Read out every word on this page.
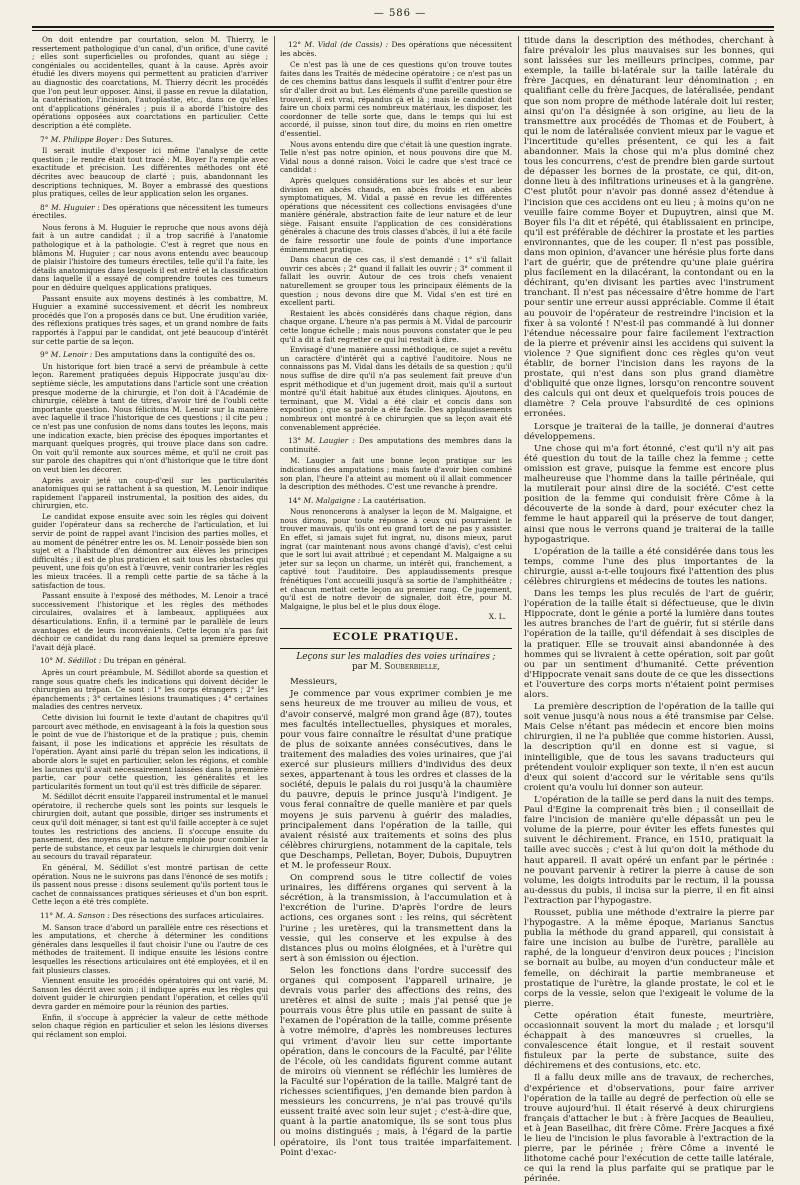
— 586 —

On doit entendre par courtation, selon M. Thierry, le ressertement pathologique d'un canal, d'un orifice, d'une cavité ; elles sont superficielles ou profondes, quant au siège ; congéniales ou accidentelles, quant à la cause. Après avoir étudié les divers moyens qui permettent au praticien d'arriver au diagnostic des coarctations, M. Thierry décrit les procédés que l'on peut leur opposer. Ainsi, il passe en revue la dilatation, la cautérisation, l'incision, l'autoplastie, etc., dans ce qu'elles ont d'applications générales ; puis il a abordé l'histoire des opérations opposées aux coarctations en particulier. Cette description a été complète.

7° M. Philippe Boyer : Des Sutures.

Il serait inutile d'exposer ici même l'analyse de cette question ; le rendre était tout tracé : M. Boyer l'a remplie avec exactitude et précision. Les différentes méthodes ont été décrites avec beaucoup de clarté ; puis, abandonnant les descriptions techniques, M. Boyer a embrassé des questions plus pratiques, celles de leur application selon les organes.

8° M. Huguier : Des opérations que nécessitent les tumeurs érectiles.

Nous ferons à M. Huguier le reproche que nous avons déjà fait à un autre candidat ; il a trop sacrifié à l'anatomie pathologique et à la pathologie. C'est à regret que nous en blâmons M. Huguier ; car nous avons entendu avec beaucoup de plaisir l'histoire des tumeurs érectiles, telle qu'il l'a faite, les détails anatomiques dans lesquels il est entré et la classification dans laquelle il a essayé de comprendre toutes ces tumeurs pour en déduire quelques applications pratiques.

Passant ensuite aux moyens destinés à les combattre, M. Huguier a examiné successivement et décrit les nombreux procédés que l'on a proposés dans ce but. Une érudition variée, des réflexions pratiques très sages, et un grand nombre de faits rapportés à l'appui par le candidat, ont jeté beaucoup d'intérêt sur cette partie de sa leçon.

9° M. Lenoir : Des amputations dans la contiguïté des os.

Un historique fort bien tracé a servi de préambule à cette leçon. Rarement pratiquées depuis Hippocrate jusqu'au dix-septième siècle, les amputations dans l'article sont une création presque moderne de la chirurgie, et l'on doit à l'Académie de chirurgie, célèbre à tant de titres, d'avoir tiré de l'oubli cette importante question. Nous félicitons M. Lenoir sur la manière avec laquelle il trace l'historique de ces questions ; il cite peu ; ce n'est pas une confusion de noms dans toutes les leçons, mais une indication exacte, bien précise des époques importantes et marquant quelques progrès, qui trouve place dans son cadre. On voit qu'il remonte aux sources même, et qu'il ne croit pas sur parole des chapitres qui n'ont d'historique que le titre dont on veut bien les décorer.

Après avoir jeté un coup-d'œil sur les particularités anatomiques qui se rattachent à sa question, M. Lenoir indique rapidement l'appareil instrumental, la position des aides, du chirurgien, etc.

Le candidat expose ensuite avec soin les règles qui doivent guider l'opérateur dans sa recherche de l'articulation, et lui servir de point de rappel avant l'incision des parties molles, et au moment de pénétrer entre les os. M. Lenoir possède bien son sujet et a l'habitude d'en démontrer aux élèves les principes difficultés ; il est de plus praticien et sait tous les obstacles qui peuvent, une fois qu'on est à l'œuvre, venir contrarier les règles les mieux tracées. Il a rempli cette partie de sa tâche à la satisfaction de tous.

Passant ensuite à l'exposé des méthodes, M. Lenoir a tracé successivement l'historique et les règles des méthodes circulaires, ovalaires et à lambeaux, appliquées aux désarticulations. Enfin, il a terminé par le parallèle de leurs avantages et de leurs inconvénients. Cette leçon n'a pas fait déchoir ce candidat du rang dans lequel sa première épreuve l'avait déjà placé.

10° M. Sédillot : Du trépan en général.

Après un court préambule, M. Sédillot aborde sa question et range sous quatre chefs les indications qui doivent décider le chirurgien au trépan. Ce sont : 1° les corps étrangers ; 2° les épanchements ; 3° certaines lésions traumatiques ; 4° certaines maladies des centres nerveux.

Cette division lui fournit le texte d'autant de chapitres qu'il parcourt avec méthode, en envisageant à la fois la question sous le point de vue de l'historique et de la pratique ; puis, chemin faisant, il pose les indications et apprécie les résultats de l'opération. Ayant ainsi parlé du trépan selon les indications, il aborde alors le sujet en particulier, selon les régions, et comble les lacunes qu'il avait nécessairement laissées dans la première partie, car pour cette question, les généralités et les particularités forment un tout qu'il est très difficile de séparer.

M. Sédillot décrit ensuite l'appareil instrumental et le manuel opératoire, il recherche quels sont les points sur lesquels le chirurgien doit, autant que possible, diriger ses instruments et ceux qu'il doit ménager, si tant est qu'il faille accepter à ce sujet toutes les restrictions des anciens. Il s'occupe ensuite du pansement, des moyens que la nature emploie pour combler la perte de substance, et ceux par lesquels le chirurgien doit venir au secours du travail réparateur.

En général, M. Sédillot s'est montré partisan de cette opération. Nous ne le suivrons pas dans l'énoncé de ses motifs ; ils passent nous presse : disons seulement qu'ils portent tous le cachet de connaissances pratiques sérieuses et d'un bon esprit. Cette leçon a été très complète.

11° M. A. Sanson : Des résections des surfaces articulaires.

M. Sanson trace d'abord un parallèle entre ces résections et les amputations, et cherche à déterminer les conditions générales dans lesquelles il faut choisir l'une ou l'autre de ces méthodes de traitement. Il indique ensuite les lésions contre lesquelles les résections articulaires ont été employées, et il en fait plusieurs classes.

Viennent ensuite les procédés opératoires qui ont varié, M. Sanson les décrit avec soin ; il indique après eux les règles qui doivent guider le chirurgien pendant l'opération, et celles qu'il devra garder en mémoire pour la réunion des parties.

Enfin, il s'occupe à apprécier la valeur de cette méthode selon chaque région en particulier et selon les lésions diverses qui réclament son emploi.

12° M. Vidal (de Cassis) : Des opérations que nécessitent les abcès.

Ce n'est pas là une de ces questions qu'on trouve toutes faites dans les Traités de médecine opératoire ; ce n'est pas un de ces chemins battus dans lesquels il suffit d'entrer pour être sûr d'aller droit au but. Les éléments d'une pareille question se trouvent, il est vrai, répandus çà et là ; mais le candidat doit faire un choix parmi ces nombreux matériaux, les disposer, les coordonner de telle sorte que, dans le temps qui lui est accordé, il puisse, sinon tout dire, du moins en rien omettre d'essentiel.

Nous avons entendu dire que c'était là une question ingrate. Telle n'est pas notre opinion, et nous pouvons dire que M. Vidal nous a donné raison. Voici le cadre que s'est tracé ce candidat :

Après quelques considérations sur les abcès et sur leur division en abcès chauds, en abcès froids et en abcès symptomatiques, M. Vidal a passé en revue les différentes opérations que nécessitent ces collections envisagées d'une manière générale, abstraction faite de leur nature et de leur siège. Faisant ensuite l'application de ces considérations générales à chacune des trois classes d'abcès, il lui a été facile de faire ressortir une foule de points d'une importance éminemment pratique.

Dans chacun de ces cas, il s'est demandé : 1° s'il fallait ouvrir ces abcès ; 2° quand il fallait les ouvrir ; 3° comment il fallait les ouvrir. Autour de ces trois chefs venaient naturellement se grouper tous les principaux éléments de la question ; nous devons dire que M. Vidal s'en est tiré en excellent parti.

Restaient les abcès considérés dans chaque région, dans chaque organe. L'heure n'a pas permis à M. Vidal de parcourir cette longue échelle ; mais nous pouvons constater que le peu qu'il a dit a fait regretter ce qui lui restait à dire.

Envisagé d'une manière aussi méthodique, ce sujet a revêtu un caractère d'intérêt qui a captivé l'auditoire. Nous ne connaissons pas M. Vidal dans les détails de sa question ; qu'il nous suffise de dire qu'il n'a pas seulement fait preuve d'un esprit méthodique et d'un jugement droit, mais qu'il a surtout montré qu'il était habitué aux études cliniques. Ajoutons, en terminant, que M. Vidal a été clair et concis dans son exposition ; que sa parole a été facile. Des applaudissements nombreux ont montré à ce chirurgien que sa leçon avait été convenablement appréciée.

13° M. Laugier : Des amputations des membres dans la continuité.

M. Laugier a fait une bonne leçon pratique sur les indications des amputations ; mais faute d'avoir bien combiné son plan, l'heure l'a atteint au moment où il allait commencer la description des méthodes. C'est une revanche à prendre.

14° M. Malgaigne : La cautérisation.

Nous renoncerons à analyser la leçon de M. Malgaigne, et nous dirons, pour toute réponse à ceux qui pourraient le trouver mauvais, qu'ils ont eu grand tort de ne pas y assister. En effet, si jamais sujet fut ingrat, nu, disons mieux, parut ingrat (car maintenant nous avons changé d'avis), c'est celui que le sort lui avait attribué ; et cependant M. Malgaigne a su jeter sur sa leçon un charme, un intérêt qui, franchement, a captivé tout l'auditoire. Des applaudissements presque frénétiques l'ont accueilli jusqu'à sa sortie de l'amphithéâtre ; et chacun mettait cette leçon au premier rang. Ce jugement, qu'il est de notre devoir de signaler, doit être, pour M. Malgaigne, le plus bel et le plus doux éloge.

X. L.
ECOLE PRATIQUE.
Leçons sur les maladies des voies urinaires ;
par M. Souberbielle,
Messieurs,

Je commence par vous exprimer combien je me sens heureux de me trouver au milieu de vous, et d'avoir conservé, malgré mon grand âge (87), toutes mes facultés intellectuelles, physiques et morales, pour vous faire connaître le résultat d'une pratique de plus de soixante années consécutives, dans le traitement des maladies des voies urinaires, que j'ai exercé sur plusieurs milliers d'individus des deux sexes, appartenant à tous les ordres et classes de la société, depuis le palais du roi jusqu'à la chaumière du pauvre, depuis le prince jusqu'à l'indigent. Je vous ferai connaître de quelle manière et par quels moyens je suis parvenu à guérir des maladies, principalement dans l'opération de la taille, qui avaient résisté aux traitements et soins des plus célèbres chirurgiens, notamment de la capitale, tels que Deschamps, Pelletan, Boyer, Dubois, Dupuytren et M. le professeur Roux.

On comprend sous le titre collectif de voies urinaires, les différens organes qui servent à la sécrétion, à la transmission, à l'accumulation et à l'excrétion de l'urine. D'après l'ordre de leurs actions, ces organes sont : les reins, qui sécrètent l'urine ; les uretères, qui la transmettent dans la vessie, qui les conserve et les expulse à des distances plus ou moins éloignées, et à l'urètre qui sert à son émission ou éjection.

Selon les fonctions dans l'ordre successif des organes qui composent l'appareil urinaire, je devrais vous parler des affections des reins, des uretères et ainsi de suite ; mais j'ai pensé que je pourrais vous être plus utile en passant de suite à l'examen de l'opération de la taille, comme présente à votre mémoire, d'après les nombreuses lectures qui vriment d'avoir lieu sur cette importante opération, dans le concours de la Faculté, par l'élite de l'école, où les candidats figurent comme autant de miroirs où viennent se réfléchir les lumières de la Faculté sur l'opération de la taille. Malgré tant de richesses scientifiques, j'en demande bien pardon à messieurs les concurrens, je n'ai pas trouvé qu'ils eussent traité avec soin leur sujet ; c'est-à-dire que, quant à la partie anatomique, ils se sont tous plus ou moins distingués ; mais, à l'égard de la partie opératoire, ils l'ont tous traitée imparfaitement. Point d'exac-

titude dans la description des méthodes, cherchant à faire prévaloir les plus mauvaises sur les bonnes, qui sont laissées sur les meilleurs principes, comme, par exemple, la taille bi-latérale sur la taille latérale du frère Jacques, en dénaturant leur dénomination ; en qualifiant celle du frère Jacques, de latéralisée, pendant que son nom propre de méthode latérale doit lui rester, ainsi qu'on l'a désignée à son origine, au lieu de la transmettre aux procédés de Thomas et de Foubert, à qui le nom de latéralisée convient mieux par le vague et l'incertitude qu'elles présentent, ce qui les a fait abandonner. Mais la chose qui m'a plus dominé chez tous les concurrens, c'est de prendre bien garde surtout de dépasser les bornes de la prostate, ce qui, dit-on, donne lieu à des infiltrations urineuses et à la gangrène. C'est plutôt pour n'avoir pas donné assez d'étendue à l'incision que ces accidens ont eu lieu ; à moins qu'on ne veuille faire comme Boyer et Dupuytren, ainsi que M. Boyer fils l'a dit et répété, qui établissaient en principe, qu'il est préférable de déchirer la prostate et les parties environnantes, que de les couper. Il n'est pas possible, dans mon opinion, d'avancer une hérésie plus forte dans l'art de guérir, que de prétendre qu'une plaie guérira plus facilement en la dilacérant, la contondant ou en la déchirant, qu'en divisant les parties avec l'instrument tranchant. Il n'est pas nécessaire d'être homme de l'art pour sentir une erreur aussi appréciable. Comme il était au pouvoir de l'opérateur de restreindre l'incision et la fixer à sa volonté ! N'est-il pas commandé à lui donner l'étendue nécessaire pour faire facilement l'extraction de la pierre et prévenir ainsi les accidens qui suivent la violence ? Que signifient donc ces règles qu'on veut établir, de borner l'incision dans les rayons de la prostate, qui n'est dans son plus grand diamètre d'obliquité que onze lignes, lorsqu'on rencontre souvent des calculs qui ont deux et quelquefois trois pouces de diamètre ? Cela prouve l'absurdité de ces opinions erronées.

Lorsque je traiterai de la taille, je donnerai d'autres développemens.

Une chose qui m'a fort étonné, c'est qu'il n'y ait pas été question du tout de la taille chez la femme ; cette omission est grave, puisque la femme est encore plus malheureuse que l'homme dans la taille périnéale, qui la mutilerait pour ainsi dire de la société. C'est cette position de la femme qui conduisit frère Côme à la découverte de la sonde à dard, pour exécuter chez la femme le haut appareil qui la préserve de tout danger, ainsi que nous le verrons quand je traiterai de la taille hypogastrique.

L'opération de la taille a été considérée dans tous les temps, comme l'une des plus importantes de la chirurgie, aussi a-t-elle toujours fixé l'attention des plus célèbres chirurgiens et médecins de toutes les nations.

Dans les temps les plus reculés de l'art de guérir, l'opération de la taille était si défectueuse, que le divin Hippocrate, dont le génie a porté la lumière dans toutes les autres branches de l'art de guérir, fut si stérile dans l'opération de la taille, qu'il défendait à ses disciples de la pratiquer. Elle se trouvait ainsi abandonnée à des hommes qui se livraient à cette opération, soit par goût ou par un sentiment d'humanité. Cette prévention d'Hippocrate venait sans doute de ce que les dissections et l'ouverture des corps morts n'étaient point permises alors.

La première description de l'opération de la taille qui soit venue jusqu'à nous nous a été transmise par Celse. Mais Celse n'étant pas médecin et encore bien moins chirurgien, il ne l'a publiée que comme historien. Aussi, la description qu'il en donne est si vague, si inintelligible, que de tous les savans traducteurs qui prétendent vouloir expliquer son texte, il n'en est aucun d'eux qui soient d'accord sur le véritable sens qu'ils croient qu'a voulu lui donner son auteur.

L'opération de la taille se perd dans la nuit des temps. Paul d'Egine la comprenait très bien ; il conseillait de faire l'incision de manière qu'elle dépassât un peu le volume de la pierre, pour éviter les effets funestes qui suivent le déchirement. France, en 1510, pratiquait la taille avec succès ; c'est à lui qu'on doit la méthode du haut appareil. Il avait opéré un enfant par le périnée : ne pouvant parvenir à retirer la pierre à cause de son volume, les doigts introduits par le rectum, il la poussa au-dessus du pubis, il incisa sur la pierre, il en fit ainsi l'extraction par l'hypogastre.

Rousset, publia une méthode d'extraire la pierre par l'hypogastre. A la même époque, Marianus Sanctus publia la méthode du grand appareil, qui consistait à faire une incision au bulbe de l'urètre, parallèle au raphé, de la longueur d'environ deux pouces ; l'incision se bornait au bulbe, au moyen d'un conducteur mâle et femelle, on déchirait la partie membraneuse et prostatique de l'urètre, la glande prostate, le col et le corps de la vessie, selon que l'exigeait le volume de la pierre.

Cette opération était funeste, meurtrière, occasionnait souvent la mort du malade ; et lorsqu'il échappait à des manœuvres si cruelles, la convalescence était longue, et il restait souvent fistuleux par la perte de substance, suite des déchiremens et des contusions, etc. etc.

Il a fallu deux mille ans de travaux, de recherches, d'expérience et d'observations, pour faire arriver l'opération de la taille au degré de perfection où elle se trouve aujourd'hui. Il était réservé à deux chirurgiens français d'attacher le but : à frère Jacques de Beaulieu, et à Jean Baseilhac, dit frère Côme. Frère Jacques a fixé le lieu de l'incision le plus favorable à l'extraction de la pierre, par le périnée ; frère Côme a inventé le lithotome caché pour l'exécution de cette taille latérale, ce qui la rend la plus parfaite qui se pratique par le périnée.
